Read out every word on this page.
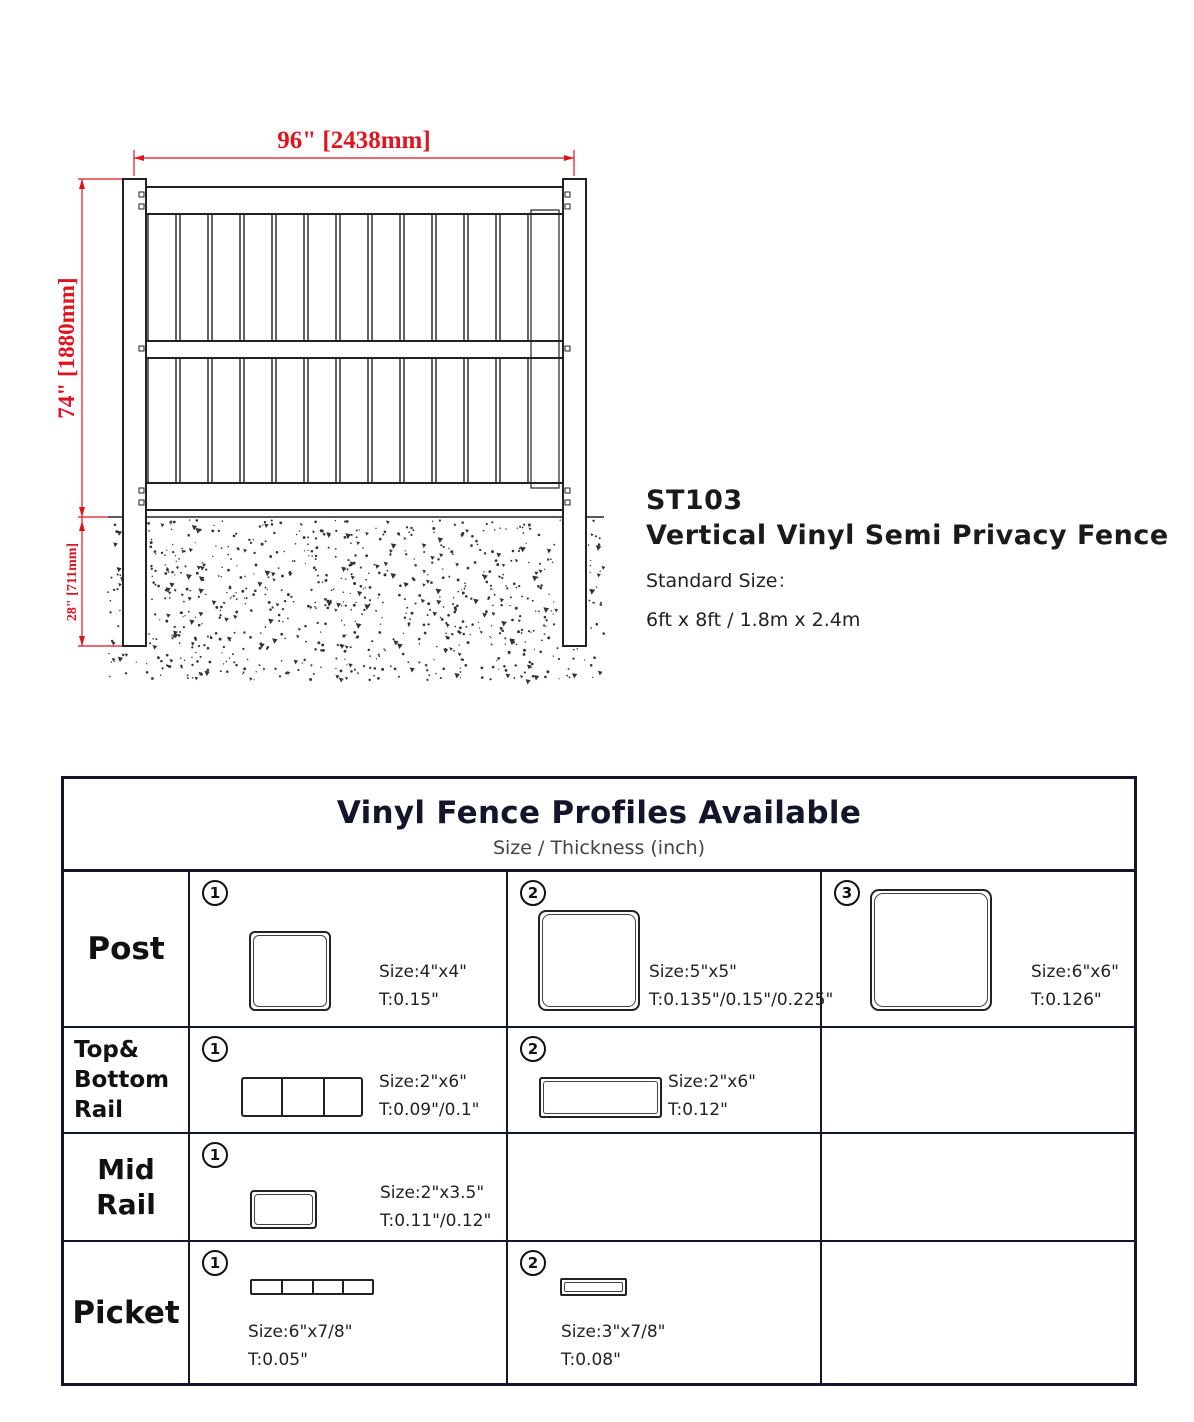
96" [2438mm]
74" [1880mm]
28" [711mm]
ST103
Vertical Vinyl Semi Privacy Fence
Standard Size：
6ft x 8ft / 1.8m x 2.4m
Vinyl Fence Profiles Available
Size / Thickness (inch)
Post
1
Size:4"x4"
T:0.15"
2
Size:5"x5"
T:0.135"/0.15"/0.225"
3
Size:6"x6"
T:0.126"
Top&
Bottom
Rail
1
Size:2"x6"
T:0.09"/0.1"
2
Size:2"x6"
T:0.12"
Mid
Rail
1
Size:2"x3.5"
T:0.11"/0.12"
Picket
1
Size:6"x7/8"
T:0.05"
2
Size:3"x7/8"
T:0.08"
